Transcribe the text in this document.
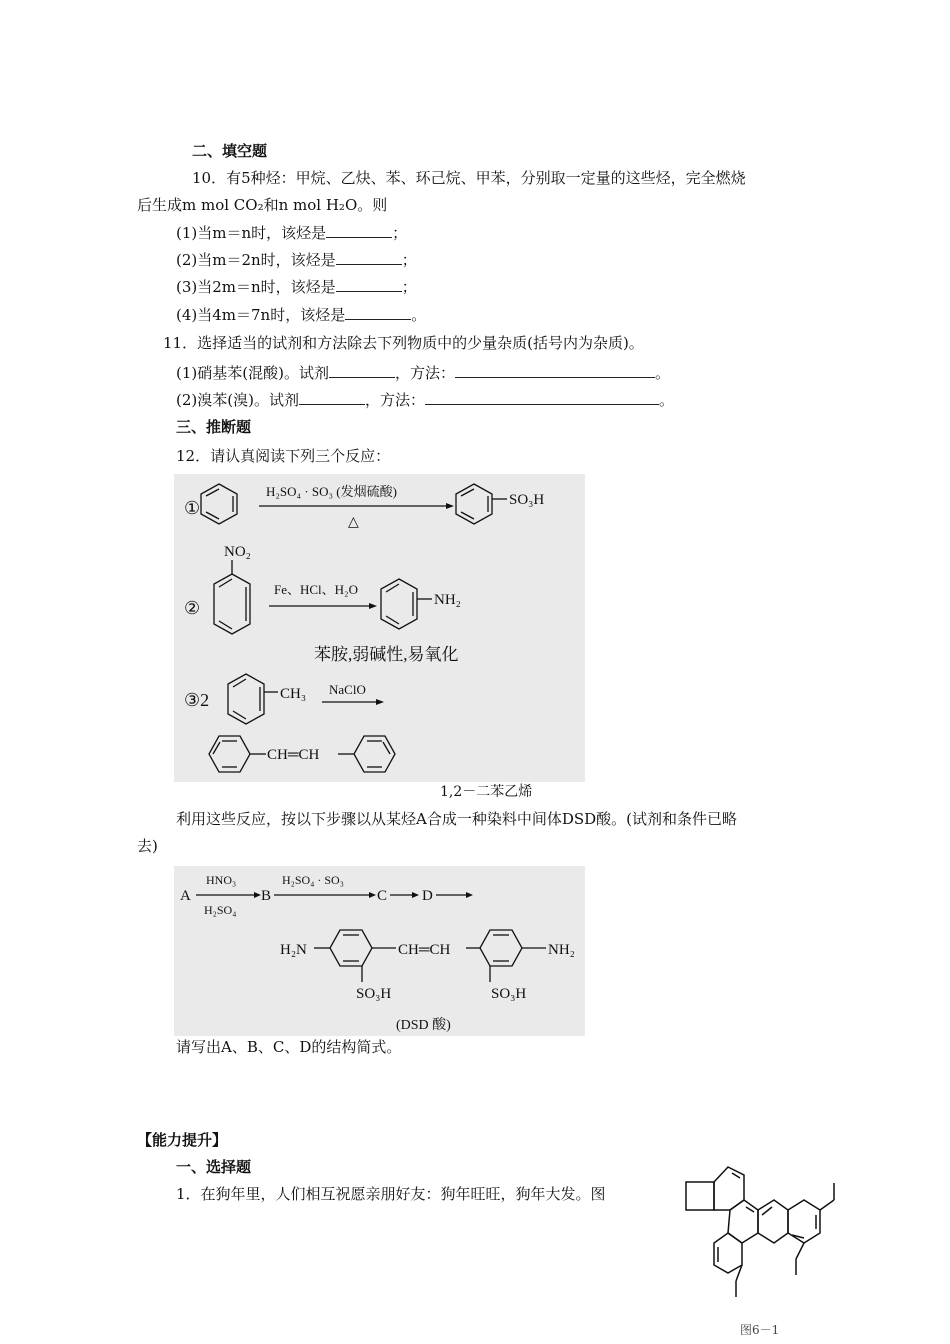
二、填空题
10．有5种烃：甲烷、乙炔、苯、环己烷、甲苯，分别取一定量的这些烃，完全燃烧
后生成m mol CO₂和n mol H₂O。则
(1)当m＝n时，该烃是	；
(2)当m＝2n时，该烃是	；
(3)当2m＝n时，该烃是	；
(4)当4m＝7n时，该烃是	。
11．选择适当的试剂和方法除去下列物质中的少量杂质(括号内为杂质)。
(1)硝基苯(混酸)。试剂	，方法：	。
(2)溴苯(溴)。试剂	，方法：	。
三、推断题
12．请认真阅读下列三个反应：
①
H₂SO₄ · SO₃ (发烟硫酸)
△
SO₃H
NO₂
②
Fe、HCl、H₂O
NH₂
苯胺,弱碱性,易氧化
③2	CH₃ NaClO
CH═CH
1,2－二苯乙烯
利用这些反应，按以下步骤以从某烃A合成一种染料中间体DSD酸。(试剂和条件已略
去)
A
HNO₃
H₂SO₄
B
H₂SO₄ · SO₃
C D
H₂N	CH═CH	NH₂
SO₃H	SO₃H
(DSD 酸)
请写出A、B、C、D的结构简式。
【能力提升】
一、选择题
1．在狗年里，人们相互祝愿亲朋好友：狗年旺旺，狗年大发。图
图6－1
